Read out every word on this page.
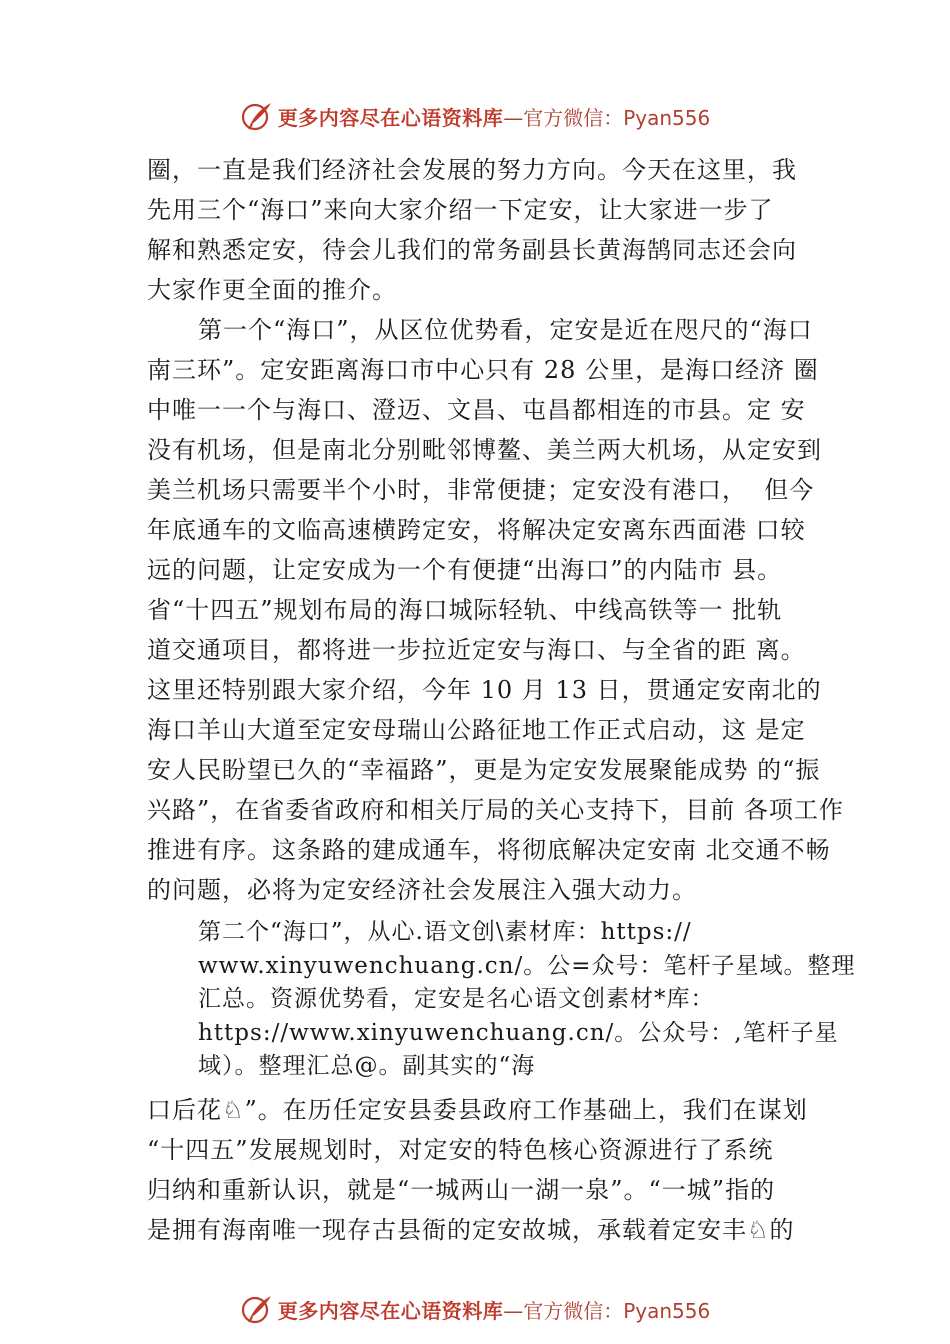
更多内容尽在心语资料库 —官方微信：Pyan556
圈，一直是我们经济社会发展的努力方向。今天在这里，我
先用三个“海口”来向大家介绍一下定安，让大家进一步了
解和熟悉定安，待会儿我们的常务副县长黄海鹄同志还会向
大家作更全面的推介。
第一个“海口”，从区位优势看，定安是近在咫尺的“海口
南三环”。定安距离海口市中心只有 28 公里，是海口经济 圈
中唯一一个与海口、澄迈、文昌、屯昌都相连的市县。定 安
没有机场，但是南北分别毗邻博鳌、美兰两大机场，从定安到
美兰机场只需要半个小时，非常便捷；定安没有港口，  但今
年底通车的文临高速横跨定安，将解决定安离东西面港 口较
远的问题，让定安成为一个有便捷“出海口”的内陆市 县。
省“十四五”规划布局的海口城际轻轨、中线高铁等一 批轨
道交通项目，都将进一步拉近定安与海口、与全省的距 离。
这里还特别跟大家介绍，今年 10 月 13 日，贯通定安南北的
海口羊山大道至定安母瑞山公路征地工作正式启动，这 是定
安人民盼望已久的“幸福路”，更是为定安发展聚能成势 的“振
兴路”，在省委省政府和相关厅局的关心支持下，目前 各项工作
推进有序。这条路的建成通车，将彻底解决定安南 北交通不畅
的问题，必将为定安经济社会发展注入强大动力。
第二个“海口”，从心.语文创\素材库：https://
www.xinyuwenchuang.cn/。公=众号：笔杆子星域。整理
汇总。资源优势看，定安是名心语文创素材*库：
https://www.xinyuwenchuang.cn/。公众号：,笔杆子星
域）。整理汇总@。副其实的“海
口后花♘”。在历任定安县委县政府工作基础上，我们在谋划
“十四五”发展规划时，对定安的特色核心资源进行了系统
归纳和重新认识，就是“一城两山一湖一泉”。“一城”指的
是拥有海南唯一现存古县衙的定安故城，承载着定安丰♘的
更多内容尽在心语资料库 —官方微信：Pyan556
